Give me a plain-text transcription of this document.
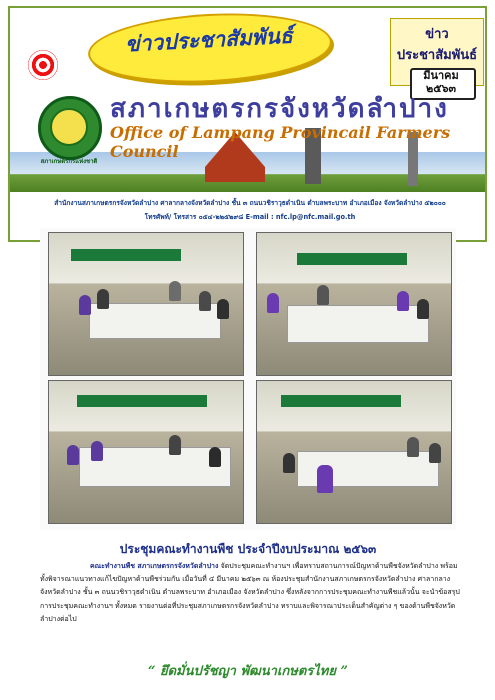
ข่าวประชาสัมพันธ์	ข่าว
ประชาสัมพันธ์
มีนาคม
๒๕๖๓
สภาเกษตรกรแห่งชาติ
สภาเกษตรกรจังหวัดลำปาง
Office of Lampang Provincail Farmers Council
สำนักงานสภาเกษตรกรจังหวัดลำปาง ศาลากลางจังหวัดลำปาง ชั้น ๓ ถนนวชิราวุธดำเนิน ตำบลพระบาท อำเภอเมือง จังหวัดลำปาง ๕๒๐๐๐
โทรศัพท์/ โทรสาร ๐๕๔-๒๒๕๒๙๘ E-mail : nfc.lp@nfc.mail.go.th
ประชุมคณะทำงานพืช ประจำปีงบประมาณ ๒๕๖๓
คณะทำงานพืช สภาเกษตรกรจังหวัดลำปาง จัดประชุมคณะทำงานฯ เพื่อทราบสถานการณ์ปัญหาด้านพืชจังหวัดลำปาง พร้อมทั้งพิจารณาแนวทางแก้ไขปัญหาด้านพืชร่วมกัน เมื่อวันที่ ๔ มีนาคม ๒๕๖๓ ณ ห้องประชุมสำนักงานสภาเกษตรกรจังหวัดลำปาง ศาลากลางจังหวัดลำปาง ชั้น ๓ ถนนวชิราวุธดำเนิน ตำบลพระบาท อำเภอเมือง จังหวัดลำปาง ซึ่งหลังจากการประชุมคณะทำงานพืชแล้วนั้น จะนำข้อสรุปการประชุมคณะทำงานฯ ทั้งหมด รายงานต่อที่ประชุมสภาเกษตรกรจังหวัดลำปาง ทราบและพิจารณาประเด็นสำคัญต่าง ๆ ของด้านพืชจังหวัดลำปางต่อไป
“ ยึดมั่นปรัชญา พัฒนาเกษตรไทย ”
